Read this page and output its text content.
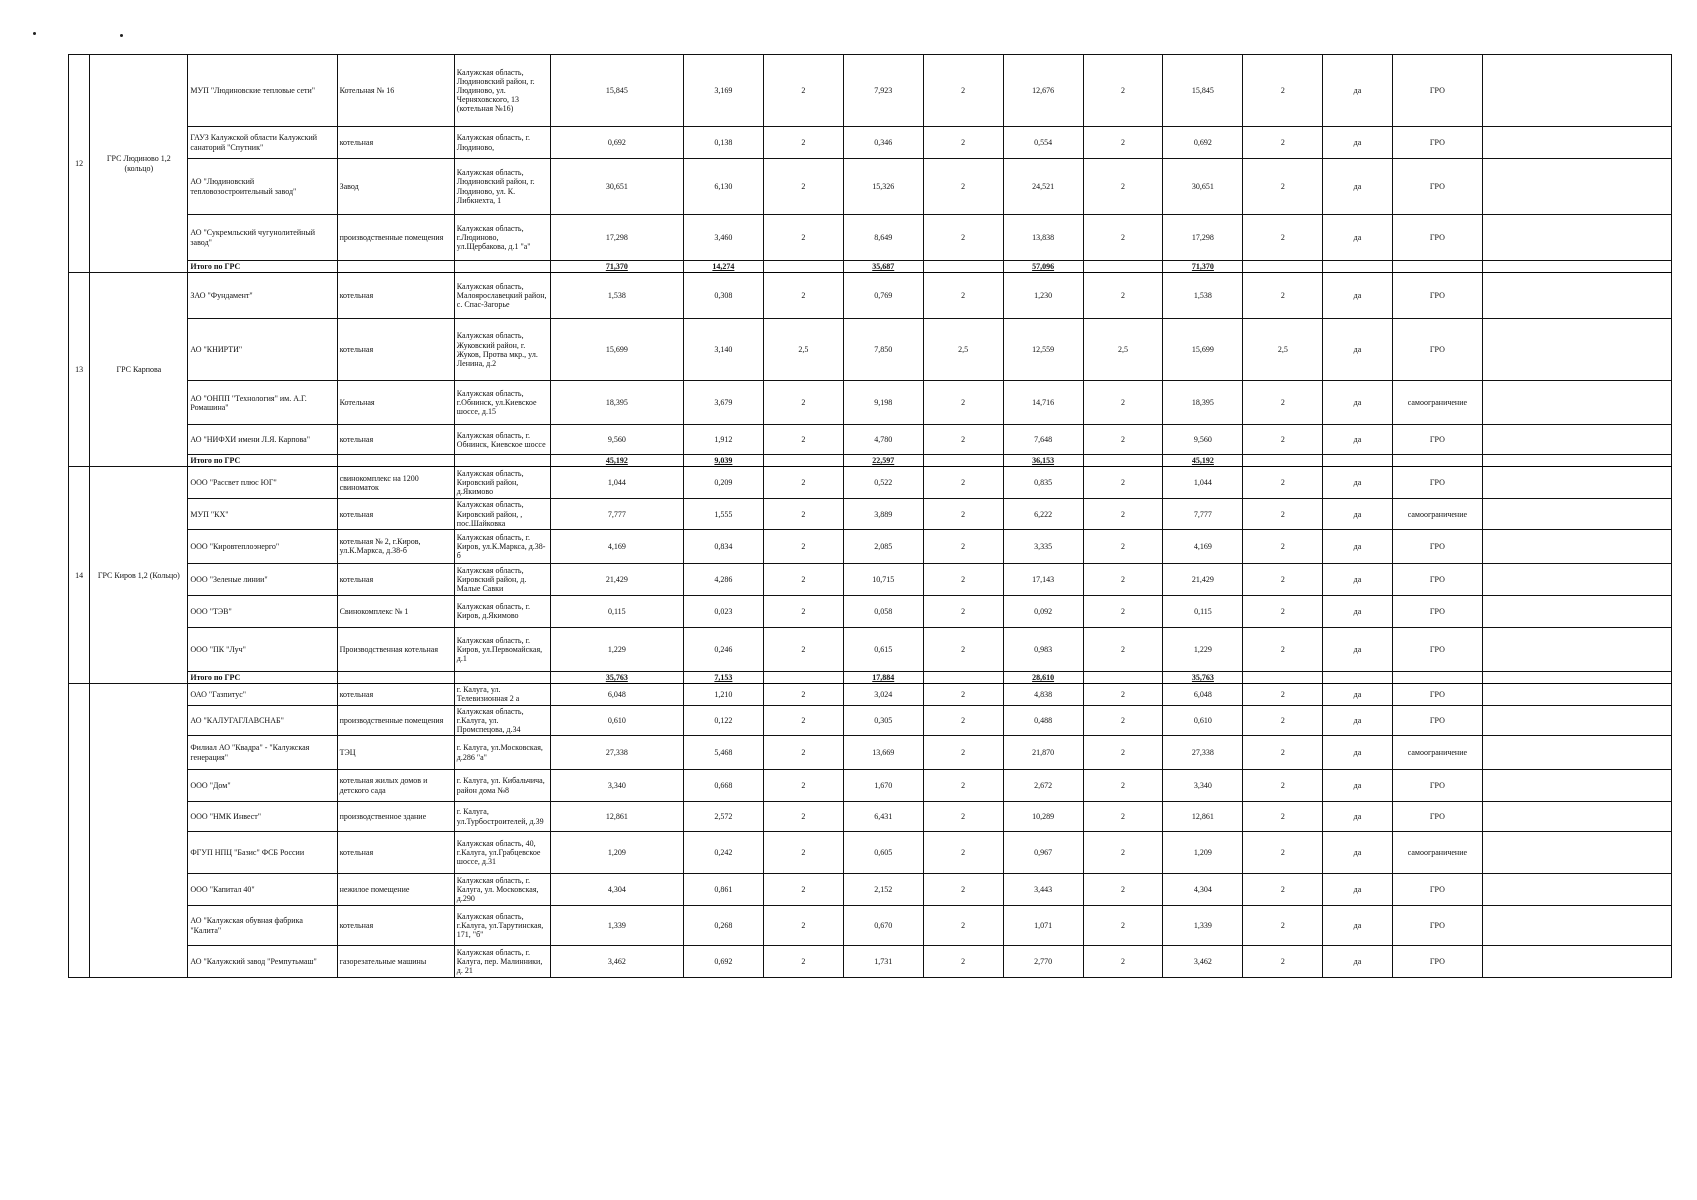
12	ГРС Людиново 1,2 (кольцо)	МУП "Людиновские тепловые сети"	Котельная № 16	Калужская область, Людиновский район, г. Людиново, ул. Черняховского, 13 (котельная №16)	15,845	3,169	2	7,923	2	12,676	2	15,845	2	да	ГРО	
		ГАУЗ Калужской области Калужский санаторий "Спутник"	котельная	Калужская область, г. Людиново,	0,692	0,138	2	0,346	2	0,554	2	0,692	2	да	ГРО	
		АО "Людиновский тепловозостроительный завод"	Завод	Калужская область, Людиновский район, г. Людиново, ул. К. Либкнехта, 1	30,651	6,130	2	15,326	2	24,521	2	30,651	2	да	ГРО	
		АО "Сукремльский чугунолитейный завод"	производственные помещения	Калужская область, г.Людиново, ул.Щербакова, д.1 "а"	17,298	3,460	2	8,649	2	13,838	2	17,298	2	да	ГРО	
		Итого по ГРС			71,370	14,274		35,687		57,096		71,370				
13	ГРС Карпова	ЗАО "Фундамент"	котельная	Калужская область, Малоярославецкий район, с. Спас-Загорье	1,538	0,308	2	0,769	2	1,230	2	1,538	2	да	ГРО	
		АО "КНИРТИ"	котельная	Калужская область, Жуковский район, г. Жуков, Протва мкр., ул. Ленина, д.2	15,699	3,140	2,5	7,850	2,5	12,559	2,5	15,699	2,5	да	ГРО	
		АО "ОНПП "Технология" им. А.Г. Ромашина"	Котельная	Калужская область, г.Обнинск, ул.Киевское шоссе, д.15	18,395	3,679	2	9,198	2	14,716	2	18,395	2	да	самоограничение	
		АО "НИФХИ имени Л.Я. Карпова"	котельная	Калужская область, г. Обнинск, Киевское шоссе	9,560	1,912	2	4,780	2	7,648	2	9,560	2	да	ГРО	
		Итого по ГРС			45,192	9,039		22,597		36,153		45,192				
14	ГРС Киров 1,2 (Кольцо)	ООО "Рассвет плюс ЮГ"	свинокомплекс на 1200 свиноматок	Калужская область, Кировский район, д.Якимово	1,044	0,209	2	0,522	2	0,835	2	1,044	2	да	ГРО	
		МУП "КХ"	котельная	Калужская область, Кировский район, , пос.Шайковка	7,777	1,555	2	3,889	2	6,222	2	7,777	2	да	самоограничение	
		ООО "Кировтеплоэнерго"	котельная № 2, г.Киров, ул.К.Маркса, д.38-б	Калужская область, г. Киров, ул.К.Маркса, д.38-б	4,169	0,834	2	2,085	2	3,335	2	4,169	2	да	ГРО	
		ООО "Зеленые линии"	котельная	Калужская область, Кировский район, д. Малые Савки	21,429	4,286	2	10,715	2	17,143	2	21,429	2	да	ГРО	
		ООО "ТЭВ"	Свинокомплекс № 1	Калужская область, г. Киров, д.Якимово	0,115	0,023	2	0,058	2	0,092	2	0,115	2	да	ГРО	
		ООО "ПК "Луч"	Производственная котельная	Калужская область, г. Киров, ул.Первомайская, д.1	1,229	0,246	2	0,615	2	0,983	2	1,229	2	да	ГРО	
		Итого по ГРС			35,763	7,153		17,884		28,610		35,763				
		ОАО "Газпитус"	котельная	г. Калуга, ул. Телевизионная 2 а	6,048	1,210	2	3,024	2	4,838	2	6,048	2	да	ГРО	
		АО "КАЛУГАГЛАВСНАБ"	производственные помещения	Калужская область, г.Калуга, ул. Промспецова, д.34	0,610	0,122	2	0,305	2	0,488	2	0,610	2	да	ГРО	
		Филиал АО "Квадра" - "Калужская генерация"	ТЭЦ	г. Калуга, ул.Московская, д.286 "а"	27,338	5,468	2	13,669	2	21,870	2	27,338	2	да	самоограничение	
		ООО "Дом"	котельная жилых домов и детского сада	г. Калуга, ул. Кибальчича, район дома №8	3,340	0,668	2	1,670	2	2,672	2	3,340	2	да	ГРО	
		ООО "НМК Инвест"	производственное здание	г. Калуга, ул.Турбостроителей, д.39	12,861	2,572	2	6,431	2	10,289	2	12,861	2	да	ГРО	
		ФГУП НПЦ "Базис" ФСБ России	котельная	Калужская область, 40, г.Калуга, ул.Грабцевское шоссе, д.31	1,209	0,242	2	0,605	2	0,967	2	1,209	2	да	самоограничение	
		ООО "Капитал 40"	нежилое помещение	Калужская область, г. Калуга, ул. Московская, д.290	4,304	0,861	2	2,152	2	3,443	2	4,304	2	да	ГРО	
		АО "Калужская обувная фабрика "Калита"	котельная	Калужская область, г.Калуга, ул.Тарутинская, 171, "б"	1,339	0,268	2	0,670	2	1,071	2	1,339	2	да	ГРО	
		АО "Калужский завод "Ремпутьмаш"	газорезательные машины	Калужская область, г. Калуга, пер. Малинники, д. 21	3,462	0,692	2	1,731	2	2,770	2	3,462	2	да	ГРО	
